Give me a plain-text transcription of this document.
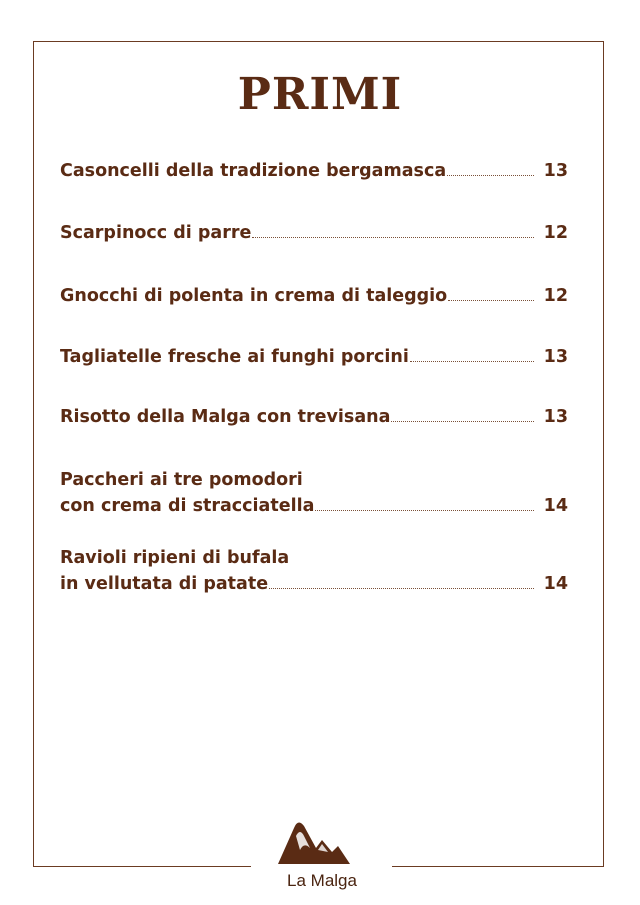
PRIMI
Casoncelli della tradizione bergamasca	13
Scarpinocc di parre	12
Gnocchi di polenta in crema di taleggio	12
Tagliatelle fresche ai funghi porcini	13
Risotto della Malga con trevisana	13
Paccheri ai tre pomodori
con crema di stracciatella	14
Ravioli ripieni di bufala
in vellutata di patate	14
La Malga
